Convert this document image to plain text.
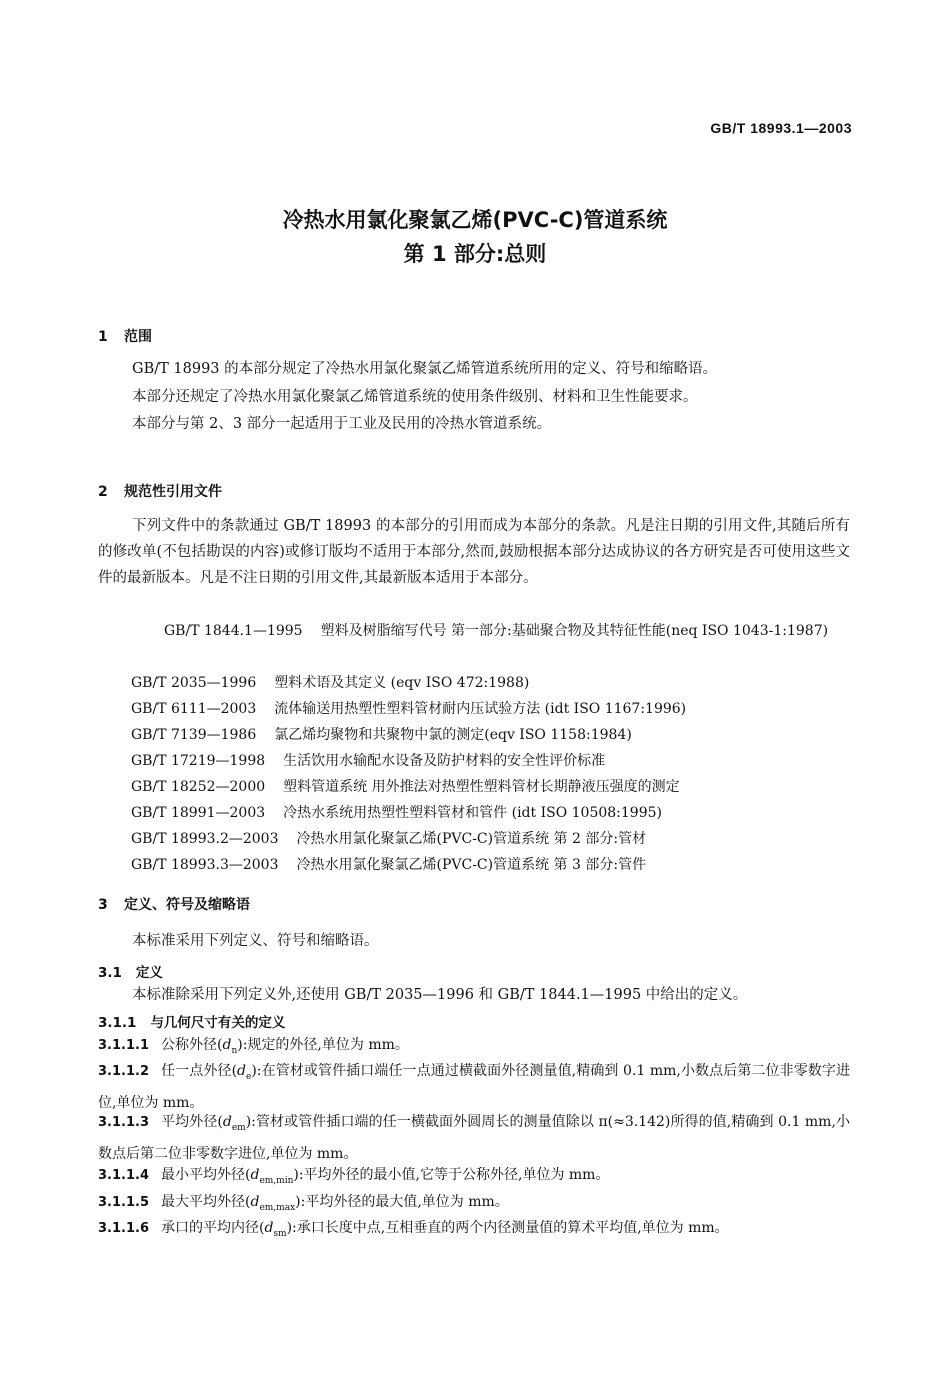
GB/T 18993.1—2003
冷热水用氯化聚氯乙烯(PVC-C)管道系统
第 1 部分:总则
1 范围
GB/T 18993 的本部分规定了冷热水用氯化聚氯乙烯管道系统所用的定义、符号和缩略语。
本部分还规定了冷热水用氯化聚氯乙烯管道系统的使用条件级别、材料和卫生性能要求。
本部分与第 2、3 部分一起适用于工业及民用的冷热水管道系统。
2 规范性引用文件
下列文件中的条款通过 GB/T 18993 的本部分的引用而成为本部分的条款。凡是注日期的引用文件,其随后所有的修改单(不包括勘误的内容)或修订版均不适用于本部分,然而,鼓励根据本部分达成协议的各方研究是否可使用这些文件的最新版本。凡是不注日期的引用文件,其最新版本适用于本部分。
GB/T 1844.1—1995 塑料及树脂缩写代号 第一部分:基础聚合物及其特征性能(neq ISO 1043-1:1987)
GB/T 2035—1996 塑料术语及其定义 (eqv ISO 472:1988)
GB/T 6111—2003 流体输送用热塑性塑料管材耐内压试验方法 (idt ISO 1167:1996)
GB/T 7139—1986 氯乙烯均聚物和共聚物中氯的测定(eqv ISO 1158:1984)
GB/T 17219—1998 生活饮用水输配水设备及防护材料的安全性评价标准
GB/T 18252—2000 塑料管道系统 用外推法对热塑性塑料管材长期静液压强度的测定
GB/T 18991—2003 冷热水系统用热塑性塑料管材和管件 (idt ISO 10508:1995)
GB/T 18993.2—2003 冷热水用氯化聚氯乙烯(PVC-C)管道系统 第 2 部分:管材
GB/T 18993.3—2003 冷热水用氯化聚氯乙烯(PVC-C)管道系统 第 3 部分:管件
3 定义、符号及缩略语
本标准采用下列定义、符号和缩略语。
3.1 定义
本标准除采用下列定义外,还使用 GB/T 2035—1996 和 GB/T 1844.1—1995 中给出的定义。
3.1.1 与几何尺寸有关的定义
3.1.1.1 公称外径$(d_n)$:规定的外径,单位为 mm。
3.1.1.2 任一点外径$(d_e)$:在管材或管件插口端任一点通过横截面外径测量值,精确到 0.1 mm,小数点后第二位非零数字进位,单位为 mm。
3.1.1.3 平均外径$(d_{em})$:管材或管件插口端的任一横截面外圆周长的测量值除以 π(≈3.142)所得的值,精确到 0.1 mm,小数点后第二位非零数字进位,单位为 mm。
3.1.1.4 最小平均外径$(d_{em,min})$:平均外径的最小值,它等于公称外径,单位为 mm。
3.1.1.5 最大平均外径$(d_{em,max})$:平均外径的最大值,单位为 mm。
3.1.1.6 承口的平均内径$(d_{sm})$:承口长度中点,互相垂直的两个内径测量值的算术平均值,单位为 mm。
